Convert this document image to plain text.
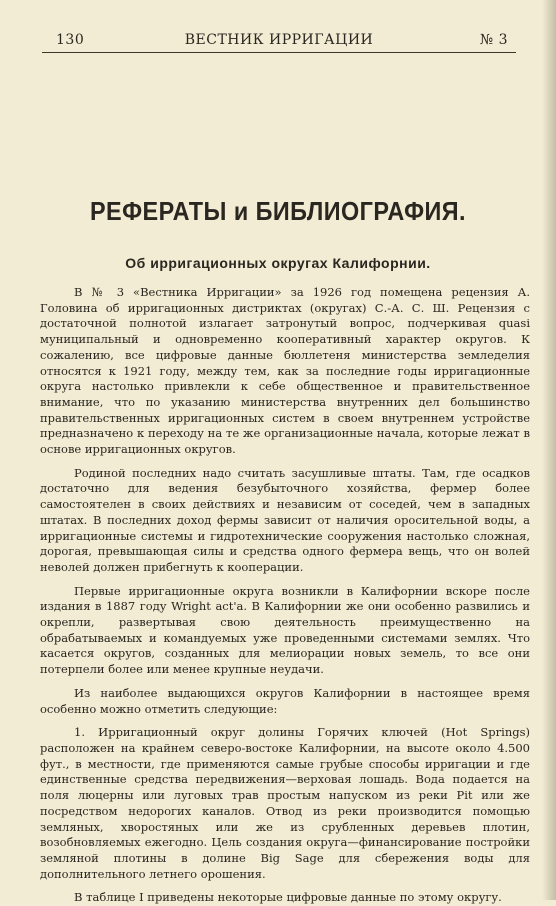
130	ВЕСТНИК ИРРИГАЦИИ	№ 3
РЕФЕРАТЫ и БИБЛИОГРАФИЯ.
Об ирригационных округах Калифорнии.

В № 3 «Вестника Ирригации» за 1926 год помещена рецензия А. Головина об ирригационных дистриктах (округах) С.-А. С. Ш. Рецензия с достаточной полнотой излагает затронутый вопрос, подчеркивая quasi муниципальный и одновременно кооперативный характер округов. К сожалению, все цифровые данные бюллетеня министерства земледелия относятся к 1921 году, между тем, как за последние годы ирригационные округа настолько привлекли к себе общественное и правительственное внимание, что по указанию министерства внутренних дел большинство правительственных ирригационных систем в своем внутреннем устройстве предназначено к переходу на те же организационные начала, которые лежат в основе ирригационных округов.

Родиной последних надо считать засушливые штаты. Там, где осадков достаточно для ведения безубыточного хозяйства, фермер более самостоятелен в своих действиях и независим от соседей, чем в западных штатах. В последних доход фермы зависит от наличия оросительной воды, а ирригационные системы и гидротехнические сооружения настолько сложная, дорогая, превышающая силы и средства одного фермера вещь, что он волей неволей должен прибегнуть к кооперации.

Первые ирригационные округа возникли в Калифорнии вскоре после издания в 1887 году Wright act'a. В Калифорнии же они особенно развились и окрепли, развертывая свою деятельность преимущественно на обрабатываемых и командуемых уже проведенными системами землях. Что касается округов, созданных для мелиорации новых земель, то все они потерпели более или менее крупные неудачи.

Из наиболее выдающихся округов Калифорнии в настоящее время особенно можно отметить следующие:

1. Ирригационный округ долины Горячих ключей (Hot Springs) расположен на крайнем северо-востоке Калифорнии, на высоте около 4.500 фут., в местности, где применяются самые грубые способы ирригации и где единственные средства передвижения—верховая лошадь. Вода подается на поля люцерны или луговых трав простым напуском из реки Pit или же посредством недорогих каналов. Отвод из реки производится помощью земляных, хворостяных или же из срубленных деревьев плотин, возобновляемых ежегодно. Цель создания округа—финансирование постройки земляной плотины в долине Big Sage для сбережения воды для дополнительного летнего орошения.

В таблице I приведены некоторые цифровые данные по этому округу.
